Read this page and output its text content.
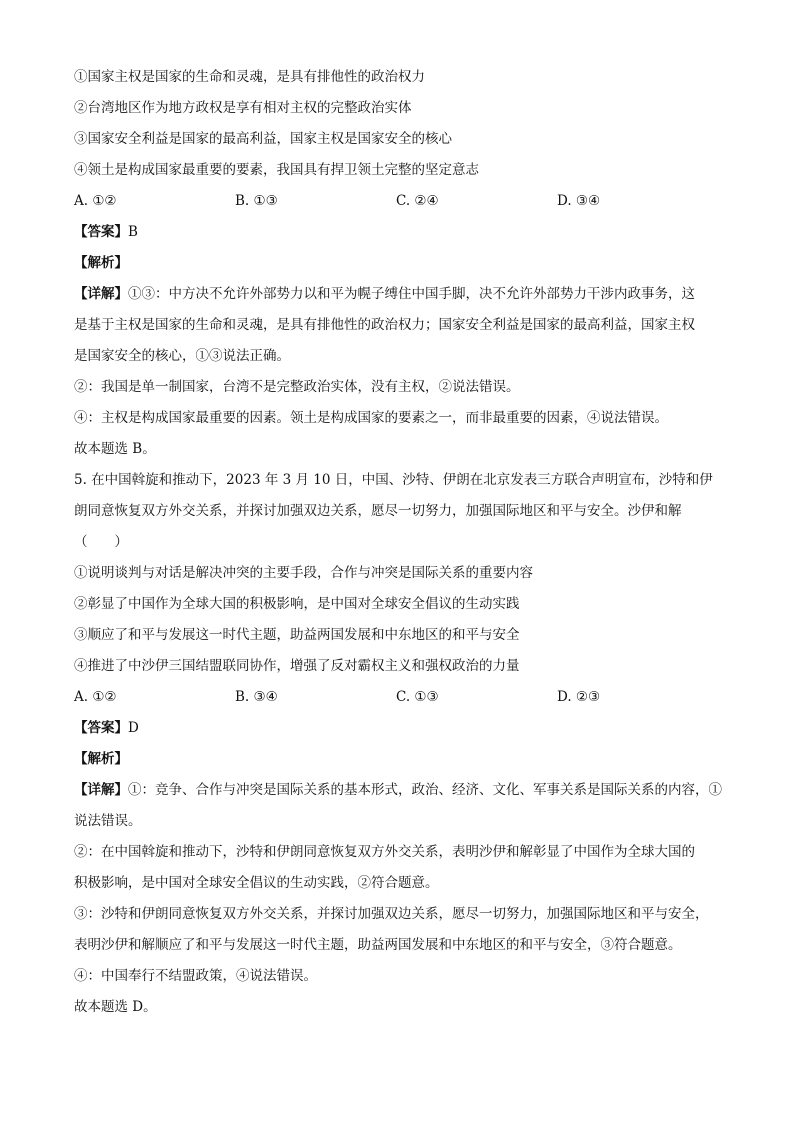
①国家主权是国家的生命和灵魂，是具有排他性的政治权力
②台湾地区作为地方政权是享有相对主权的完整政治实体
③国家安全利益是国家的最高利益，国家主权是国家安全的核心
④领土是构成国家最重要的要素，我国具有捍卫领土完整的坚定意志
A. ①②	B. ①③	C. ②④	D. ③④
【答案】B
【解析】
【详解】①③：中方决不允许外部势力以和平为幌子缚住中国手脚，决不允许外部势力干涉内政事务，这
是基于主权是国家的生命和灵魂，是具有排他性的政治权力；国家安全利益是国家的最高利益，国家主权
是国家安全的核心，①③说法正确。
②：我国是单一制国家，台湾不是完整政治实体，没有主权，②说法错误。
④：主权是构成国家最重要的因素。领土是构成国家的要素之一，而非最重要的因素，④说法错误。
故本题选 B。
5. 在中国斡旋和推动下，2023 年 3 月 10 日，中国、沙特、伊朗在北京发表三方联合声明宣布，沙特和伊
朗同意恢复双方外交关系，并探讨加强双边关系，愿尽一切努力，加强国际地区和平与安全。沙伊和解
（　　）
①说明谈判与对话是解决冲突的主要手段，合作与冲突是国际关系的重要内容
②彰显了中国作为全球大国的积极影响，是中国对全球安全倡议的生动实践
③顺应了和平与发展这一时代主题，助益两国发展和中东地区的和平与安全
④推进了中沙伊三国结盟联同协作，增强了反对霸权主义和强权政治的力量
A. ①②	B. ③④	C. ①③	D. ②③
【答案】D
【解析】
【详解】①：竞争、合作与冲突是国际关系的基本形式，政治、经济、文化、军事关系是国际关系的内容，①
说法错误。
②：在中国斡旋和推动下，沙特和伊朗同意恢复双方外交关系，表明沙伊和解彰显了中国作为全球大国的
积极影响，是中国对全球安全倡议的生动实践，②符合题意。
③：沙特和伊朗同意恢复双方外交关系，并探讨加强双边关系，愿尽一切努力，加强国际地区和平与安全，
表明沙伊和解顺应了和平与发展这一时代主题，助益两国发展和中东地区的和平与安全，③符合题意。
④：中国奉行不结盟政策，④说法错误。
故本题选 D。
